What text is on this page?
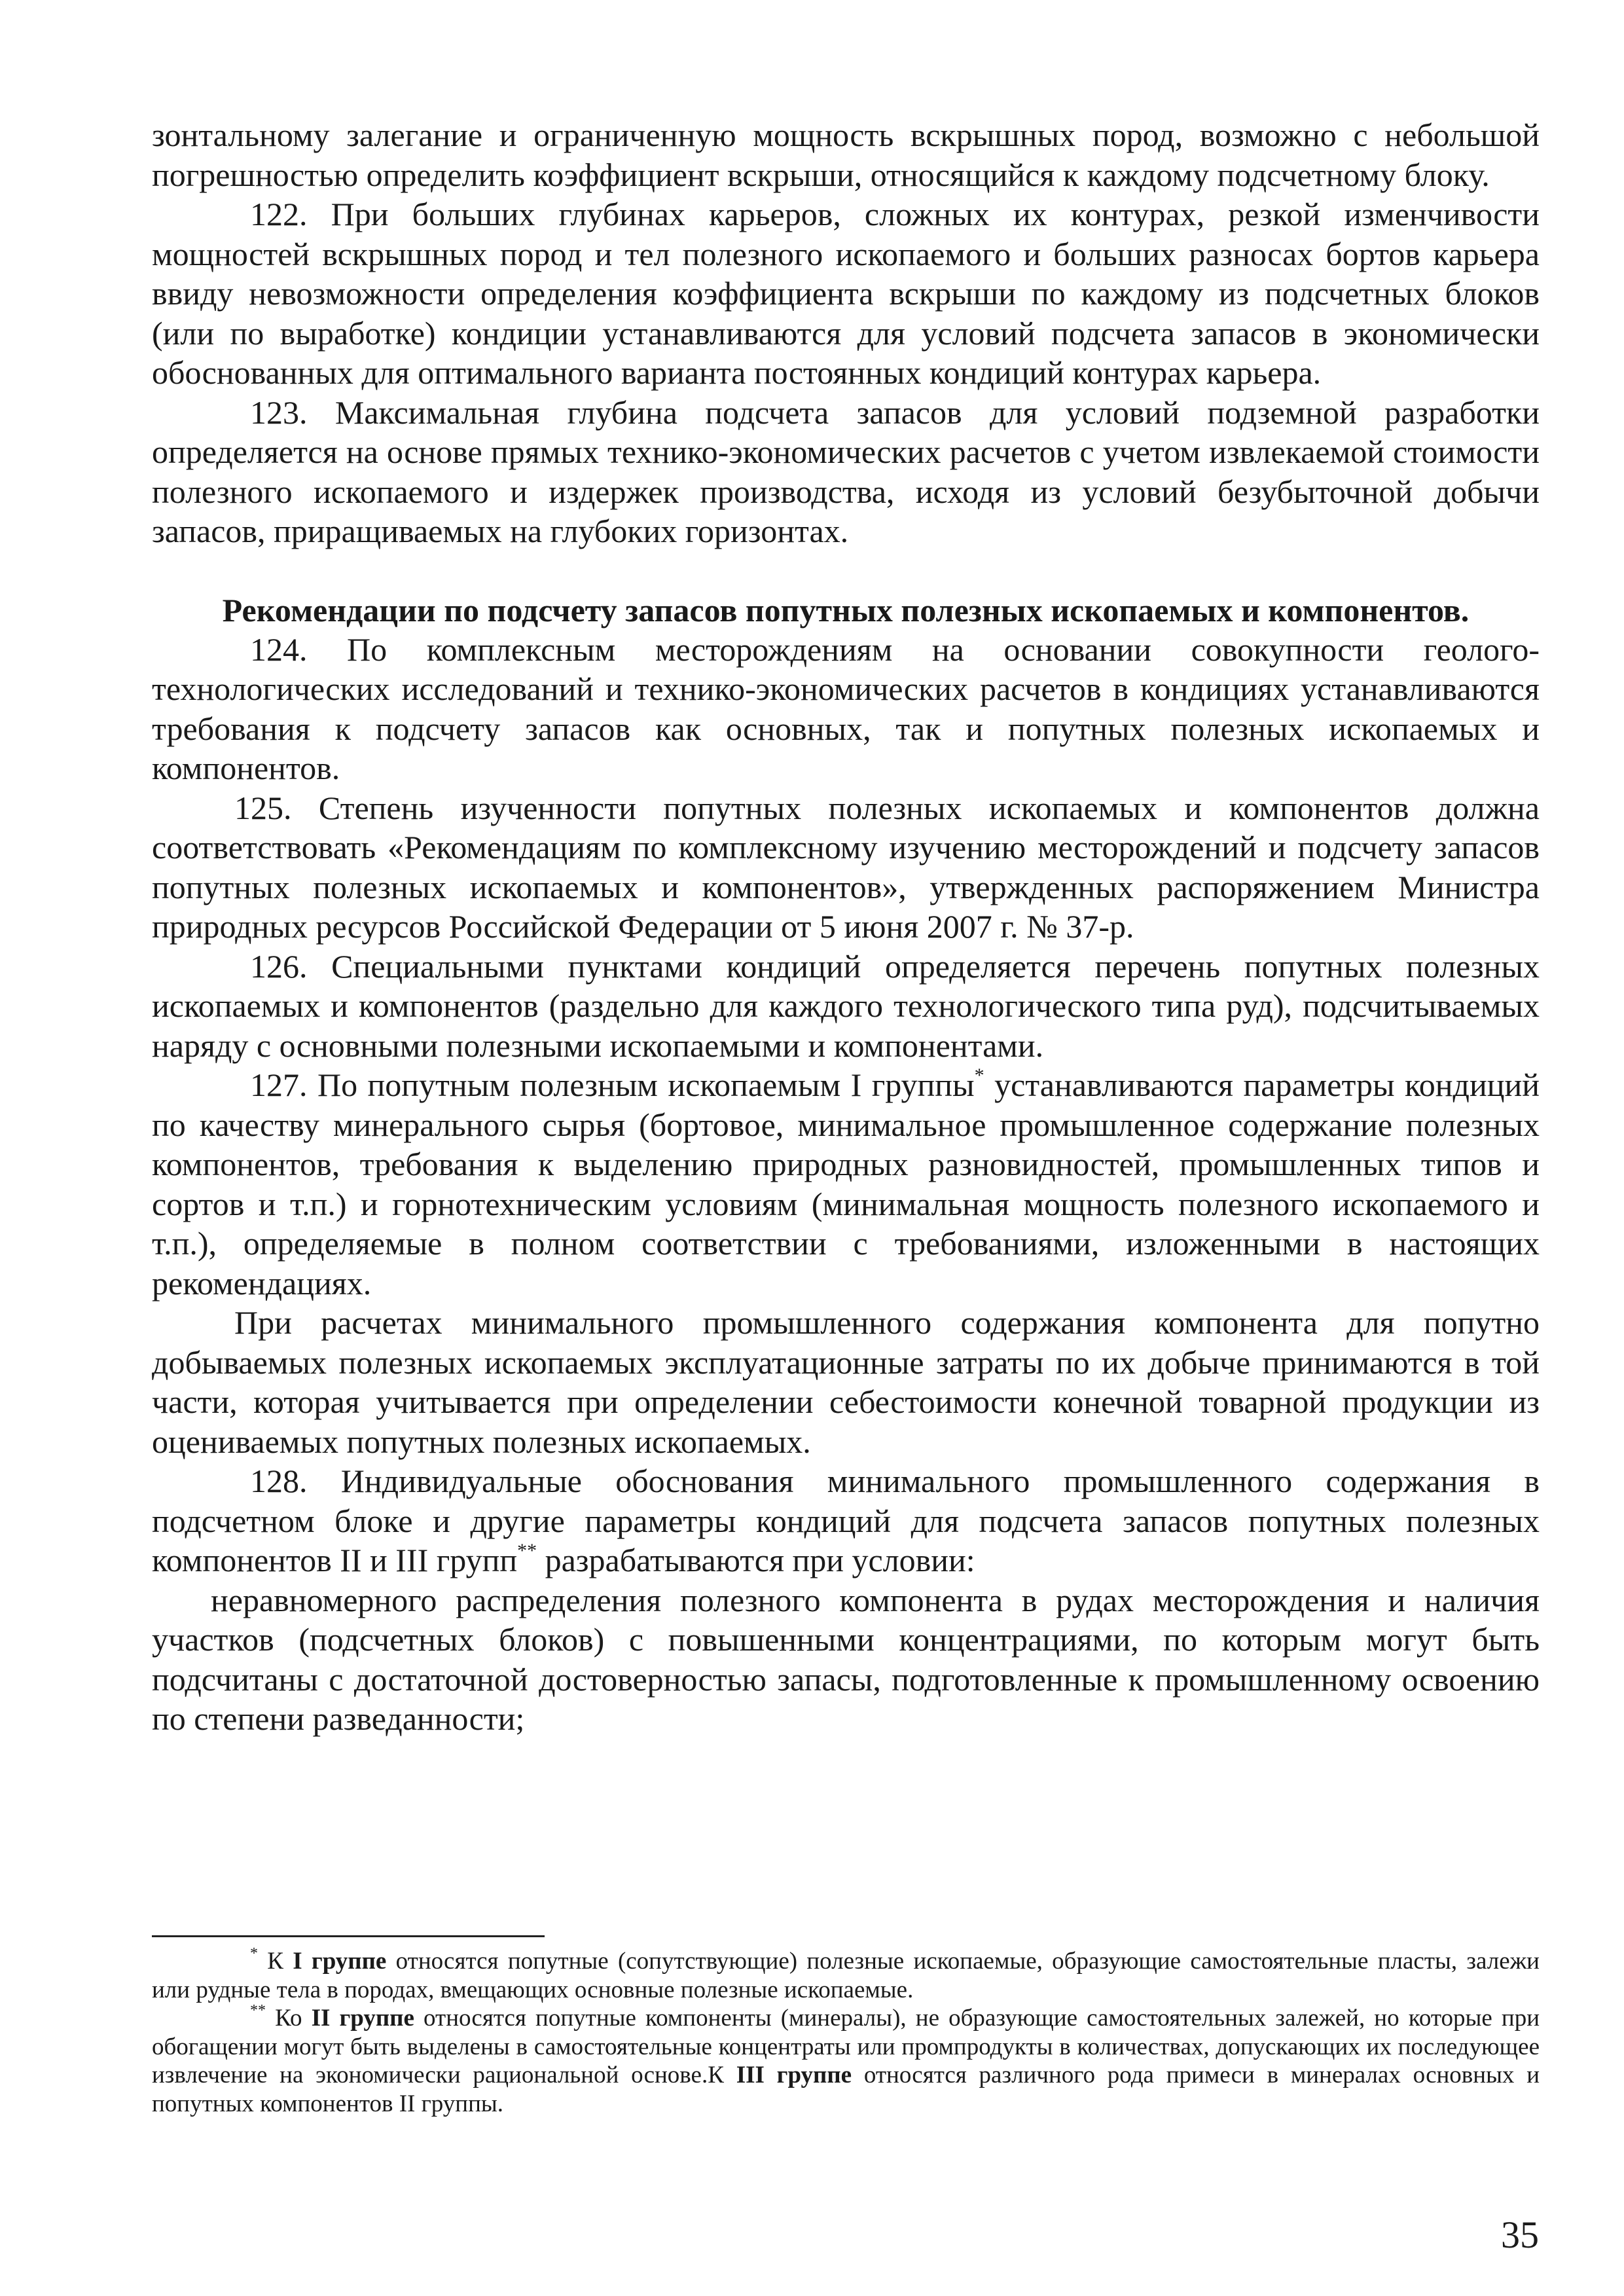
зонтальному залегание и ограниченную мощность вскрышных пород, возможно с небольшой погрешностью определить коэффициент вскрыши, относящийся к каждому подсчетному блоку.

122. При больших глубинах карьеров, сложных их контурах, резкой изменчивости мощностей вскрышных пород и тел полезного ископаемого и больших разносах бортов карьера ввиду невозможности определения коэффициента вскрыши по каждому из подсчетных блоков (или по выработке) кондиции устанавливаются для условий подсчета запасов в экономически обоснованных для оптимального варианта постоянных кондиций контурах карьера.

123. Максимальная глубина подсчета запасов для условий подземной разработки определяется на основе прямых технико-экономических расчетов с учетом извлекаемой стоимости полезного ископаемого и издержек производства, исходя из условий безубыточной добычи запасов, приращиваемых на глубоких горизонтах.

Рекомендации по подсчету запасов попутных полезных ископаемых и компонентов.

124. По комплексным месторождениям на основании совокупности геолого-технологических исследований и технико-экономических расчетов в кондициях устанавливаются требования к подсчету запасов как основных, так и попутных полезных ископаемых и компонентов.

125. Степень изученности попутных полезных ископаемых и компонентов должна соответствовать «Рекомендациям по комплексному изучению месторождений и подсчету запасов попутных полезных ископаемых и компонентов», утвержденных распоряжением Министра природных ресурсов Российской Федерации от 5 июня 2007 г. № 37-р.

126. Специальными пунктами кондиций определяется перечень попутных полезных ископаемых и компонентов (раздельно для каждого технологического типа руд), подсчитываемых наряду с основными полезными ископаемыми и компонентами.

127. По попутным полезным ископаемым I группы* устанавливаются параметры кондиций по качеству минерального сырья (бортовое, минимальное промышленное содержание полезных компонентов, требования к выделению природных разновидностей, промышленных типов и сортов и т.п.) и горнотехническим условиям (минимальная мощность полезного ископаемого и т.п.), определяемые в полном соответствии с требованиями, изложенными в настоящих рекомендациях.

При расчетах минимального промышленного содержания компонента для попутно добываемых полезных ископаемых эксплуатационные затраты по их добыче принимаются в той части, которая учитывается при определении себестоимости конечной товарной продукции из оцениваемых попутных полезных ископаемых.

128. Индивидуальные обоснования минимального промышленного содержания в подсчетном блоке и другие параметры кондиций для подсчета запасов попутных полезных компонентов II и III групп** разрабатываются при условии:

неравномерного распределения полезного компонента в рудах месторождения и наличия участков (подсчетных блоков) с повышенными концентрациями, по которым могут быть подсчитаны с достаточной достоверностью запасы, подготовленные к промышленному освоению по степени разведанности;

* К I группе относятся попутные (сопутствующие) полезные ископаемые, образующие самостоятельные пласты, залежи или рудные тела в породах, вмещающих основные полезные ископаемые.

** Ко II группе относятся попутные компоненты (минералы), не образующие самостоятельных залежей, но которые при обогащении могут быть выделены в самостоятельные концентраты или промпродукты в количествах, допускающих их последующее извлечение на экономически рациональной основе.К III группе относятся различного рода примеси в минералах основных и попутных компонентов II группы.

35
